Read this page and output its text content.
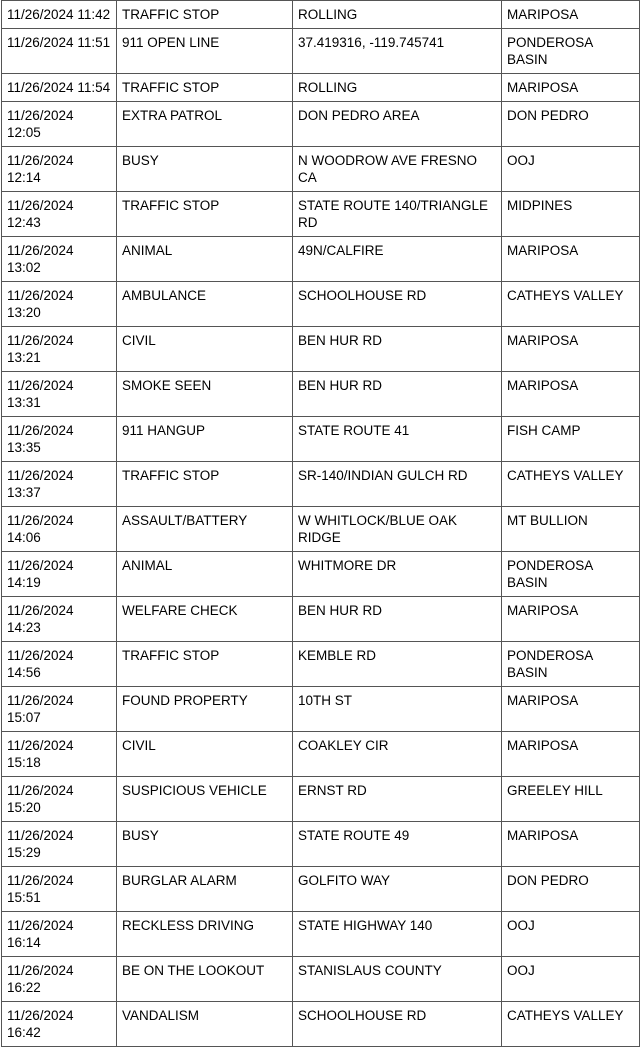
11/26/2024 11:42	TRAFFIC STOP	ROLLING	MARIPOSA
11/26/2024 11:51	911 OPEN LINE	37.419316, -119.745741	PONDEROSA BASIN
11/26/2024 11:54	TRAFFIC STOP	ROLLING	MARIPOSA
11/26/2024 12:05	EXTRA PATROL	DON PEDRO AREA	DON PEDRO
11/26/2024 12:14	BUSY	N WOODROW AVE FRESNO CA	OOJ
11/26/2024 12:43	TRAFFIC STOP	STATE ROUTE 140/TRIANGLE RD	MIDPINES
11/26/2024 13:02	ANIMAL	49N/CALFIRE	MARIPOSA
11/26/2024 13:20	AMBULANCE	SCHOOLHOUSE RD	CATHEYS VALLEY
11/26/2024 13:21	CIVIL	BEN HUR RD	MARIPOSA
11/26/2024 13:31	SMOKE SEEN	BEN HUR RD	MARIPOSA
11/26/2024 13:35	911 HANGUP	STATE ROUTE 41	FISH CAMP
11/26/2024 13:37	TRAFFIC STOP	SR-140/INDIAN GULCH RD	CATHEYS VALLEY
11/26/2024 14:06	ASSAULT/BATTERY	W WHITLOCK/BLUE OAK RIDGE	MT BULLION
11/26/2024 14:19	ANIMAL	WHITMORE DR	PONDEROSA BASIN
11/26/2024 14:23	WELFARE CHECK	BEN HUR RD	MARIPOSA
11/26/2024 14:56	TRAFFIC STOP	KEMBLE RD	PONDEROSA BASIN
11/26/2024 15:07	FOUND PROPERTY	10TH ST	MARIPOSA
11/26/2024 15:18	CIVIL	COAKLEY CIR	MARIPOSA
11/26/2024 15:20	SUSPICIOUS VEHICLE	ERNST RD	GREELEY HILL
11/26/2024 15:29	BUSY	STATE ROUTE 49	MARIPOSA
11/26/2024 15:51	BURGLAR ALARM	GOLFITO WAY	DON PEDRO
11/26/2024 16:14	RECKLESS DRIVING	STATE HIGHWAY 140	OOJ
11/26/2024 16:22	BE ON THE LOOKOUT	STANISLAUS COUNTY	OOJ
11/26/2024 16:42	VANDALISM	SCHOOLHOUSE RD	CATHEYS VALLEY
